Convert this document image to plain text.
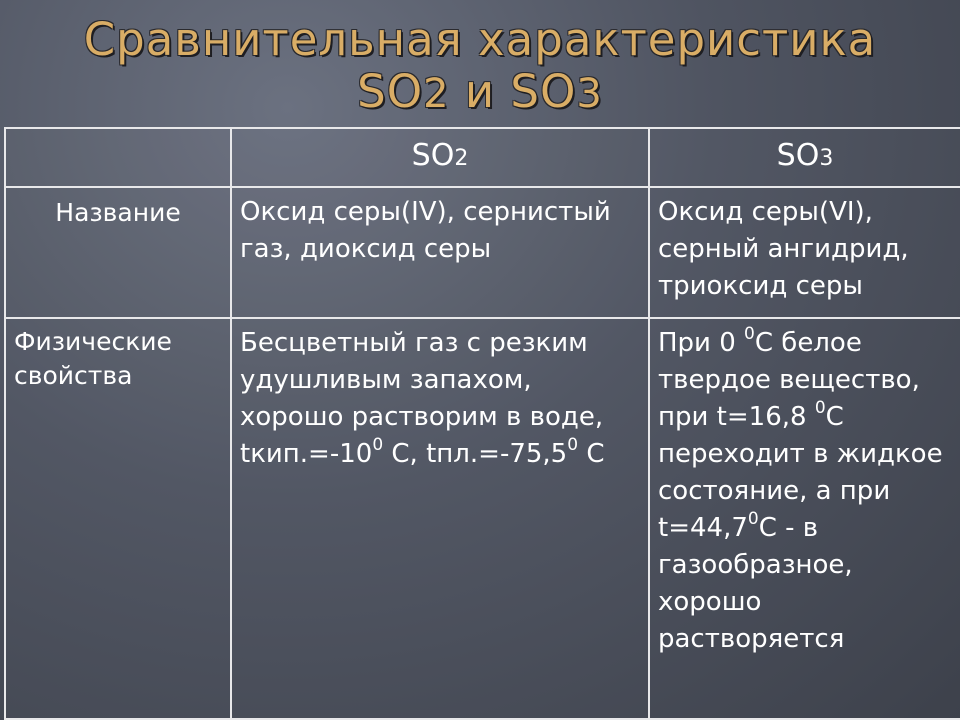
Сравнительная характеристика
SO2 и SO3
	SO2	SO3
Название	Оксид серы(IV), сернистый газ, диоксид серы	Оксид серы(VI), серный ангидрид, триоксид серы
Физические свойства	Бесцветный газ с резким удушливым запахом, хорошо растворим в воде, $tкип.=-10^0$ С, $tпл.=-75,5^0$ С	При 0 $^0$С белое твердое вещество, при t=16,8 $^0$С переходит в жидкое состояние, а при $t=44,7^0С - в$ газообразное, хорошо растворяется
